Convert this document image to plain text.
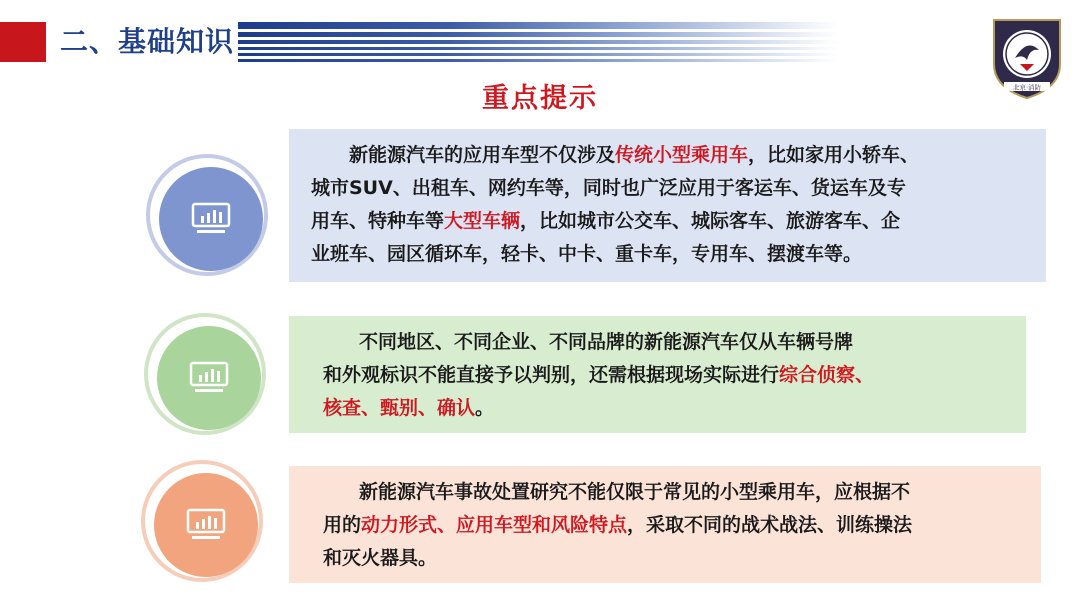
二、基础知识
北京·消防
重点提示

新能源汽车的应用车型不仅涉及传统小型乘用车，比如家用小轿车、

城市SUV、出租车、网约车等，同时也广泛应用于客运车、货运车及专

用车、特种车等大型车辆，比如城市公交车、城际客车、旅游客车、企

业班车、园区循环车，轻卡、中卡、重卡车，专用车、摆渡车等。

不同地区、不同企业、不同品牌的新能源汽车仅从车辆号牌

和外观标识不能直接予以判别，还需根据现场实际进行综合侦察、

核查、甄别、确认。

新能源汽车事故处置研究不能仅限于常见的小型乘用车，应根据不

用的动力形式、应用车型和风险特点，采取不同的战术战法、训练操法

和灭火器具。
